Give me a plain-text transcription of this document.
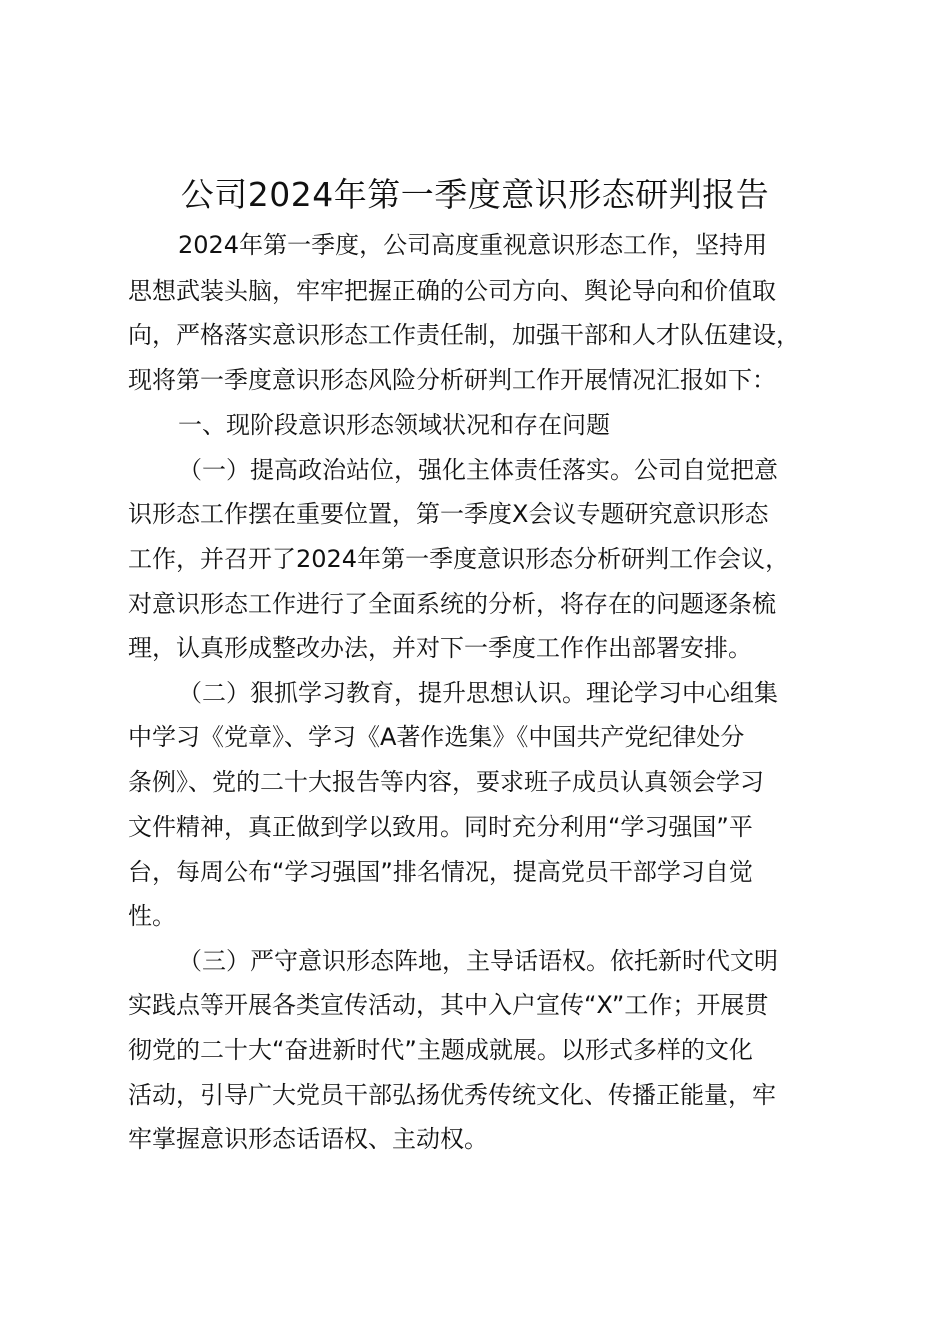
公司2024年第一季度意识形态研判报告

2024年第一季度，公司高度重视意识形态工作，坚持用

思想武装头脑，牢牢把握正确的公司方向、舆论导向和价值取

向，严格落实意识形态工作责任制，加强干部和人才队伍建设，

现将第一季度意识形态风险分析研判工作开展情况汇报如下：

一、现阶段意识形态领域状况和存在问题

（一）提高政治站位，强化主体责任落实。公司自觉把意

识形态工作摆在重要位置，第一季度X会议专题研究意识形态

工作，并召开了2024年第一季度意识形态分析研判工作会议，

对意识形态工作进行了全面系统的分析，将存在的问题逐条梳

理，认真形成整改办法，并对下一季度工作作出部署安排。

（二）狠抓学习教育，提升思想认识。理论学习中心组集

中学习《党章》、学习《A著作选集》《中国共产党纪律处分

条例》、党的二十大报告等内容，要求班子成员认真领会学习

文件精神，真正做到学以致用。同时充分利用“学习强国”平

台，每周公布“学习强国”排名情况，提高党员干部学习自觉

性。

（三）严守意识形态阵地，主导话语权。依托新时代文明

实践点等开展各类宣传活动，其中入户宣传“X”工作；开展贯

彻党的二十大“奋进新时代”主题成就展。以形式多样的文化

活动，引导广大党员干部弘扬优秀传统文化、传播正能量，牢

牢掌握意识形态话语权、主动权。
